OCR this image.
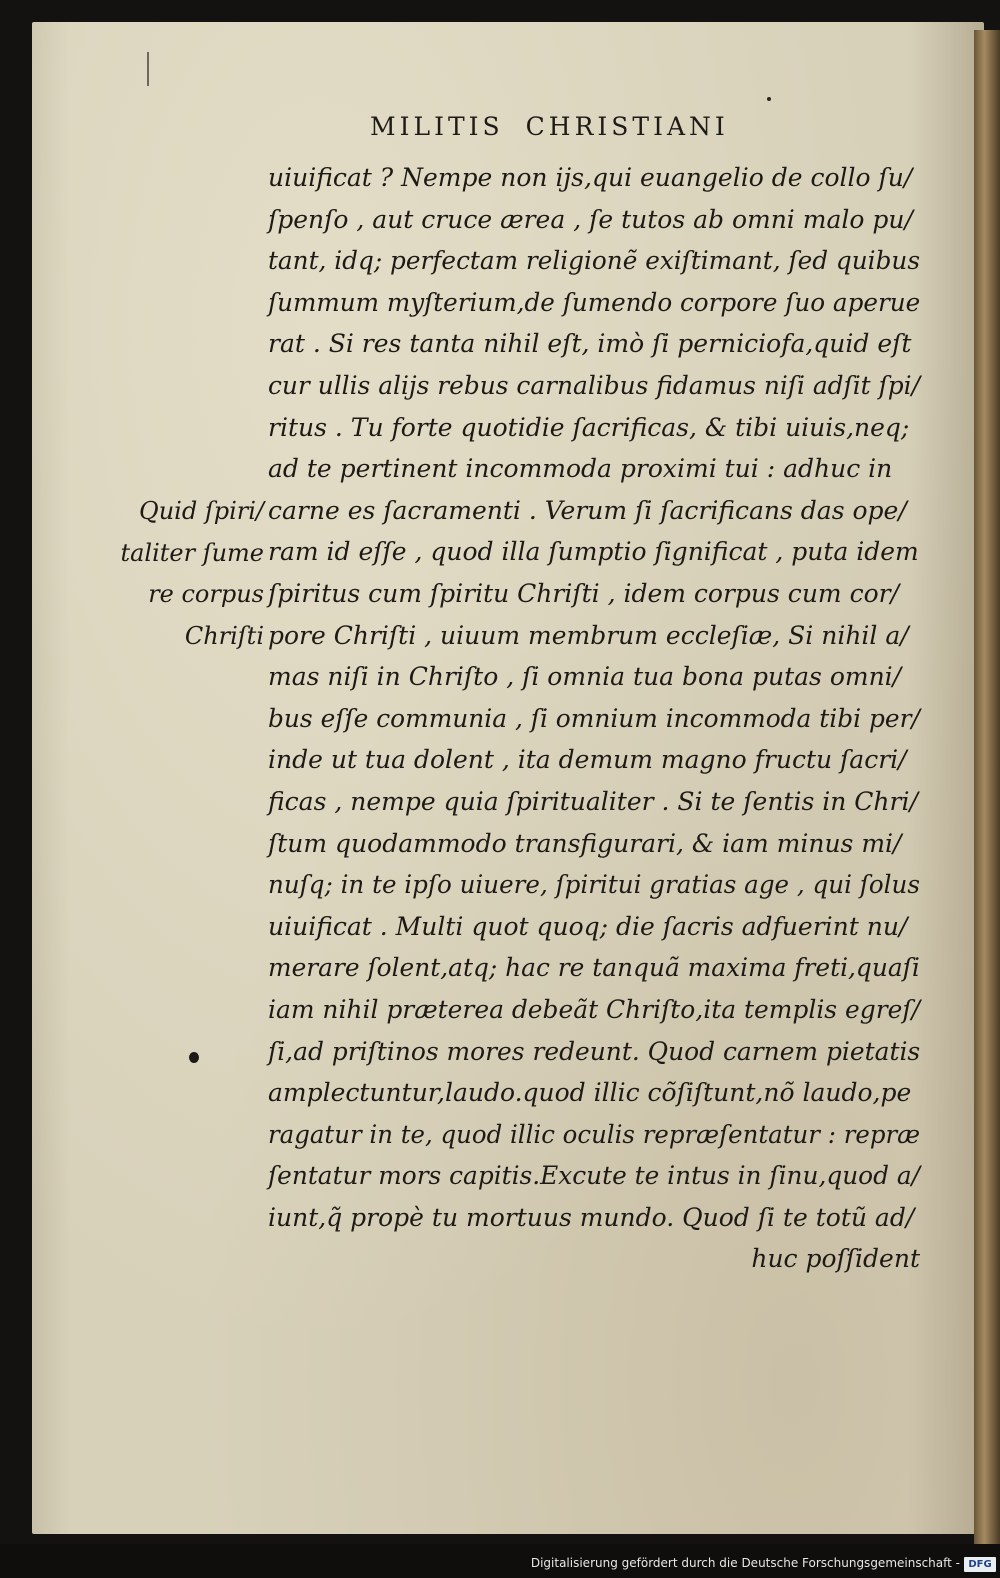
MILITIS CHRISTIANI
uiuificat ? Nempe non ijs,qui euangelio de collo ſu/
ſpenſo , aut cruce ærea , ſe tutos ab omni malo pu/
tant, idq; perfectam religionẽ exiſtimant, ſed quibus
ſummum myſterium,de ſumendo corpore ſuo aperue
rat . Si res tanta nihil eſt, imò ſi perniciofa,quid eſt
cur ullis alijs rebus carnalibus fidamus niſi adſit ſpi/
ritus . Tu forte quotidie ſacrificas, & tibi uiuis,neq;
ad te pertinent incommoda proximi tui : adhuc in
carne es ſacramenti . Verum ſi ſacrificans das ope/
ram id eſſe , quod illa ſumptio ſignificat , puta idem
ſpiritus cum ſpiritu Chriſti , idem corpus cum cor/
pore Chriſti , uiuum membrum eccleſiæ, Si nihil a/
mas niſi in Chriſto , ſi omnia tua bona putas omni/
bus eſſe communia , ſi omnium incommoda tibi per/
inde ut tua dolent , ita demum magno fructu ſacri/
ficas , nempe quia ſpiritualiter . Si te ſentis in Chri/
ſtum quodammodo transfigurari, & iam minus mi/
nuſq; in te ipſo uiuere, ſpiritui gratias age , qui ſolus
uiuificat . Multi quot quoq; die ſacris adfuerint nu/
merare ſolent,atq; hac re tanquã maxima freti,quaſi
iam nihil præterea debeãt Chriſto,ita templis egreſ/
ſi,ad priſtinos mores redeunt. Quod carnem pietatis
amplectuntur,laudo.quod illic cõſiſtunt,nõ laudo,pe
ragatur in te, quod illic oculis repræſentatur : repræ
ſentatur mors capitis.Excute te intus in ſinu,quod a/
iunt,q̃ propè tu mortuus mundo. Quod ſi te totũ ad/
huc poſſident
Quid ſpiri/
taliter ſume
re corpus
Chriſti
Digitalisierung gefördert durch die Deutsche Forschungsgemeinschaft - DFG
